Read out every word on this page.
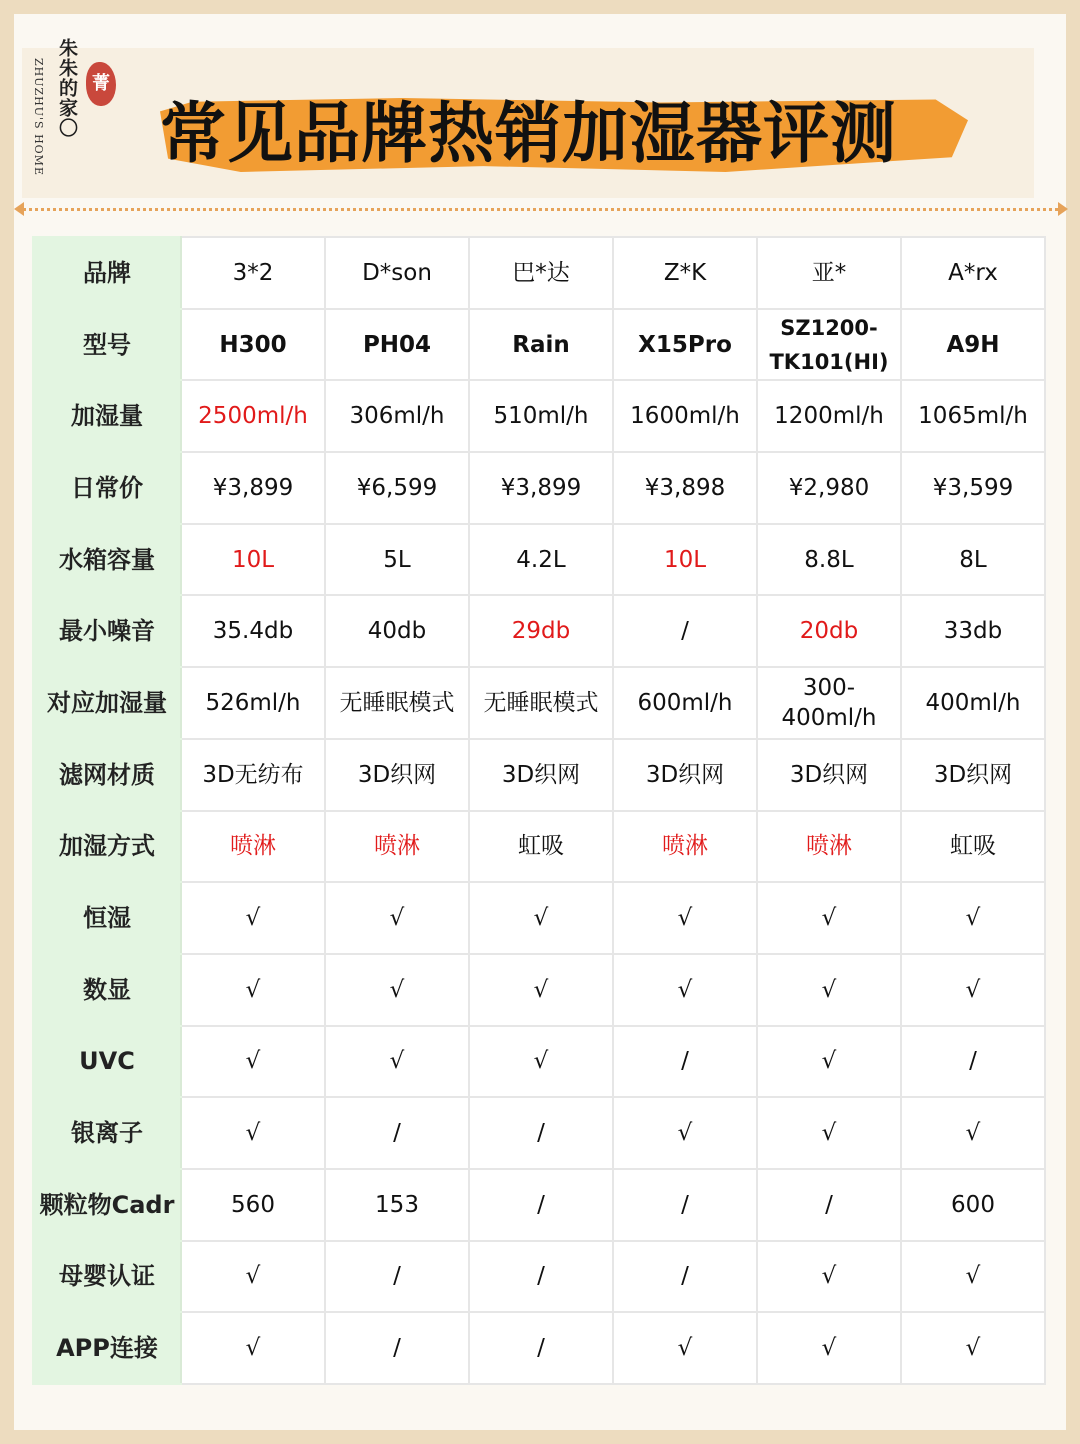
朱朱的家〇
ZHUZHU'S HOME	菁
常见品牌热销加湿器评测
品牌	3*2	D*son	巴*达	Z*K	亚*	A*rx
型号	H300	PH04	Rain	X15Pro	SZ1200-TK101(HI)	A9H
加湿量	2500ml/h	306ml/h	510ml/h	1600ml/h	1200ml/h	1065ml/h
日常价	¥3,899	¥6,599	¥3,899	¥3,898	¥2,980	¥3,599
水箱容量	10L	5L	4.2L	10L	8.8L	8L
最小噪音	35.4db	40db	29db	/	20db	33db
对应加湿量	526ml/h	无睡眠模式	无睡眠模式	600ml/h	300-400ml/h	400ml/h
滤网材质	3D无纺布	3D织网	3D织网	3D织网	3D织网	3D织网
加湿方式	喷淋	喷淋	虹吸	喷淋	喷淋	虹吸
恒湿	√	√	√	√	√	√
数显	√	√	√	√	√	√
UVC	√	√	√	/	√	/
银离子	√	/	/	√	√	√
颗粒物Cadr	560	153	/	/	/	600
母婴认证	√	/	/	/	√	√
APP连接	√	/	/	√	√	√
